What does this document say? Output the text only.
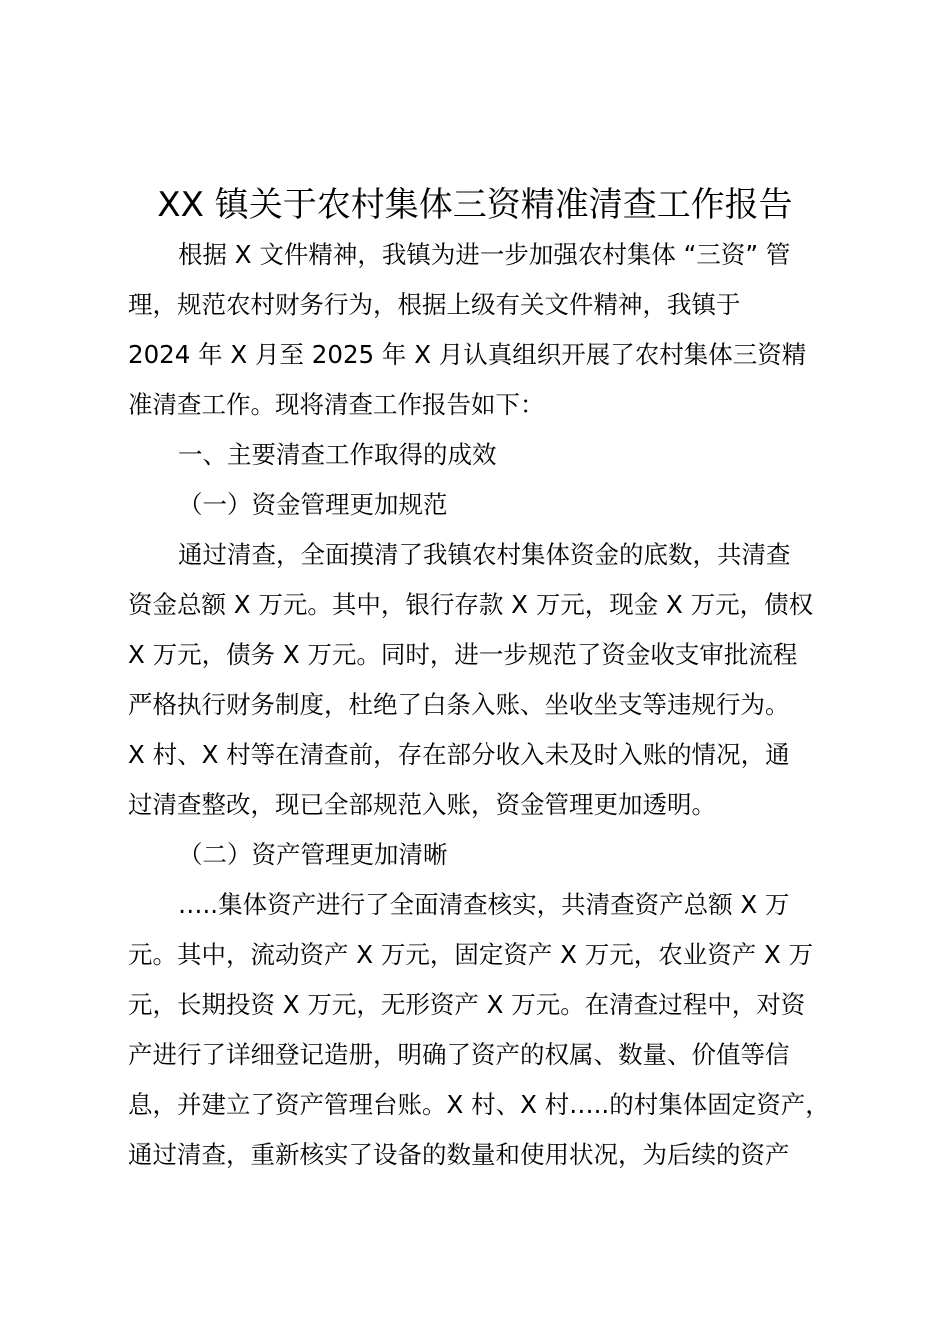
XX 镇关于农村集体三资精准清查工作报告

根据 X 文件精神，我镇为进一步加强农村集体 “三资” 管

理，规范农村财务行为，根据上级有关文件精神，我镇于

2024 年 X 月至 2025 年 X 月认真组织开展了农村集体三资精

准清查工作。现将清查工作报告如下：

一、主要清查工作取得的成效

（一）资金管理更加规范

通过清查，全面摸清了我镇农村集体资金的底数，共清查

资金总额 X 万元。其中，银行存款 X 万元，现金 X 万元，债权

X 万元，债务 X 万元。同时，进一步规范了资金收支审批流程

严格执行财务制度，杜绝了白条入账、坐收坐支等违规行为。

X 村、X 村等在清查前，存在部分收入未及时入账的情况，通

过清查整改，现已全部规范入账，资金管理更加透明。

（二）资产管理更加清晰

…..集体资产进行了全面清查核实，共清查资产总额 X 万

元。其中，流动资产 X 万元，固定资产 X 万元，农业资产 X 万

元，长期投资 X 万元，无形资产 X 万元。在清查过程中，对资

产进行了详细登记造册，明确了资产的权属、数量、价值等信

息，并建立了资产管理台账。X 村、X 村…..的村集体固定资产，

通过清查，重新核实了设备的数量和使用状况，为后续的资产
